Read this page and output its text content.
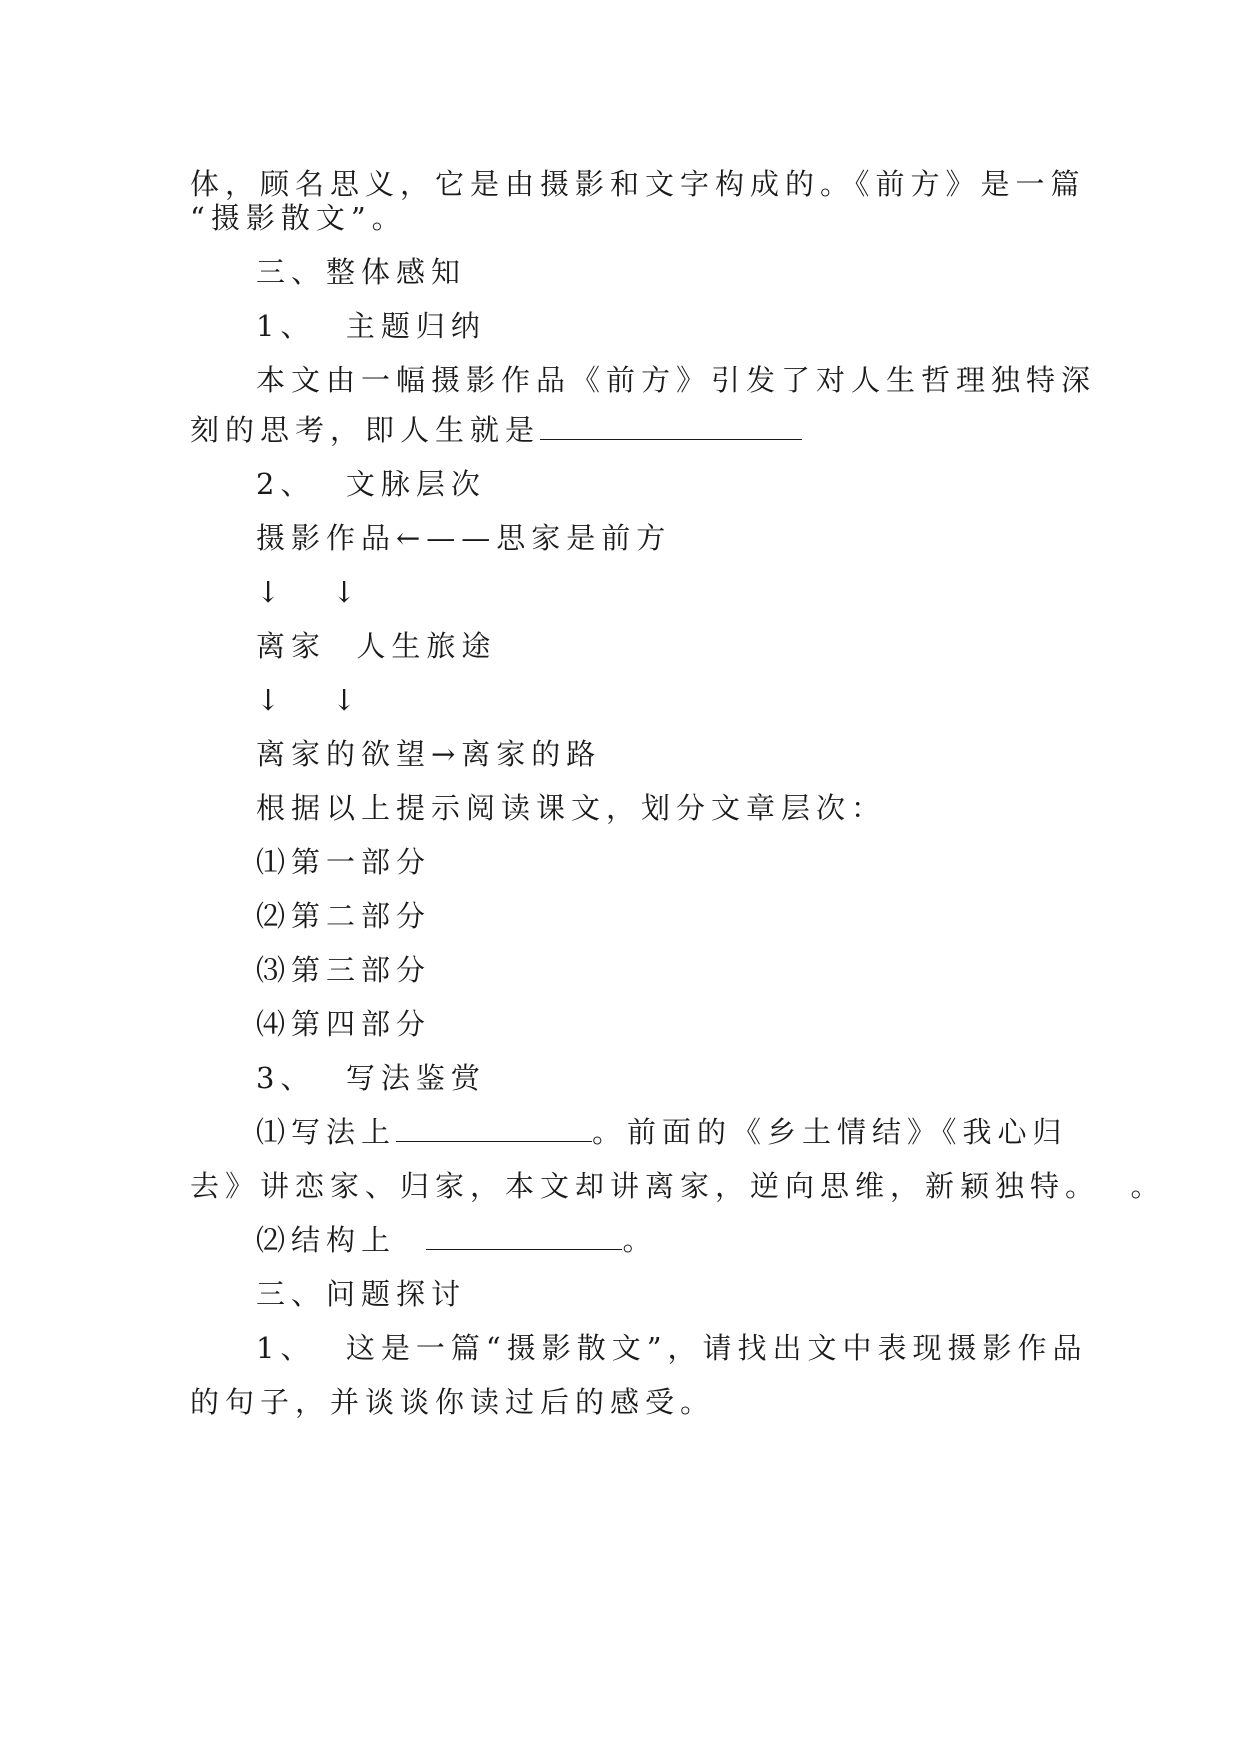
体，顾名思义，它是由摄影和文字构成的。《前方》是一篇
“摄影散文”。
三、整体感知
1、  主题归纳
本文由一幅摄影作品《前方》引发了对人生哲理独特深
刻的思考，即人生就是
2、  文脉层次
摄影作品←——思家是前方
↓   ↓
离家  人生旅途
↓   ↓
离家的欲望→离家的路
根据以上提示阅读课文，划分文章层次：
⑴第一部分
⑵第二部分
⑶第三部分
⑷第四部分
3、  写法鉴赏
⑴写法上	。前面的《乡土情结》《我心归
去》讲恋家、归家，本文却讲离家，逆向思维，新颖独特。  。
⑵结构上	。
三、问题探讨
1、  这是一篇“摄影散文”，请找出文中表现摄影作品
的句子，并谈谈你读过后的感受。
